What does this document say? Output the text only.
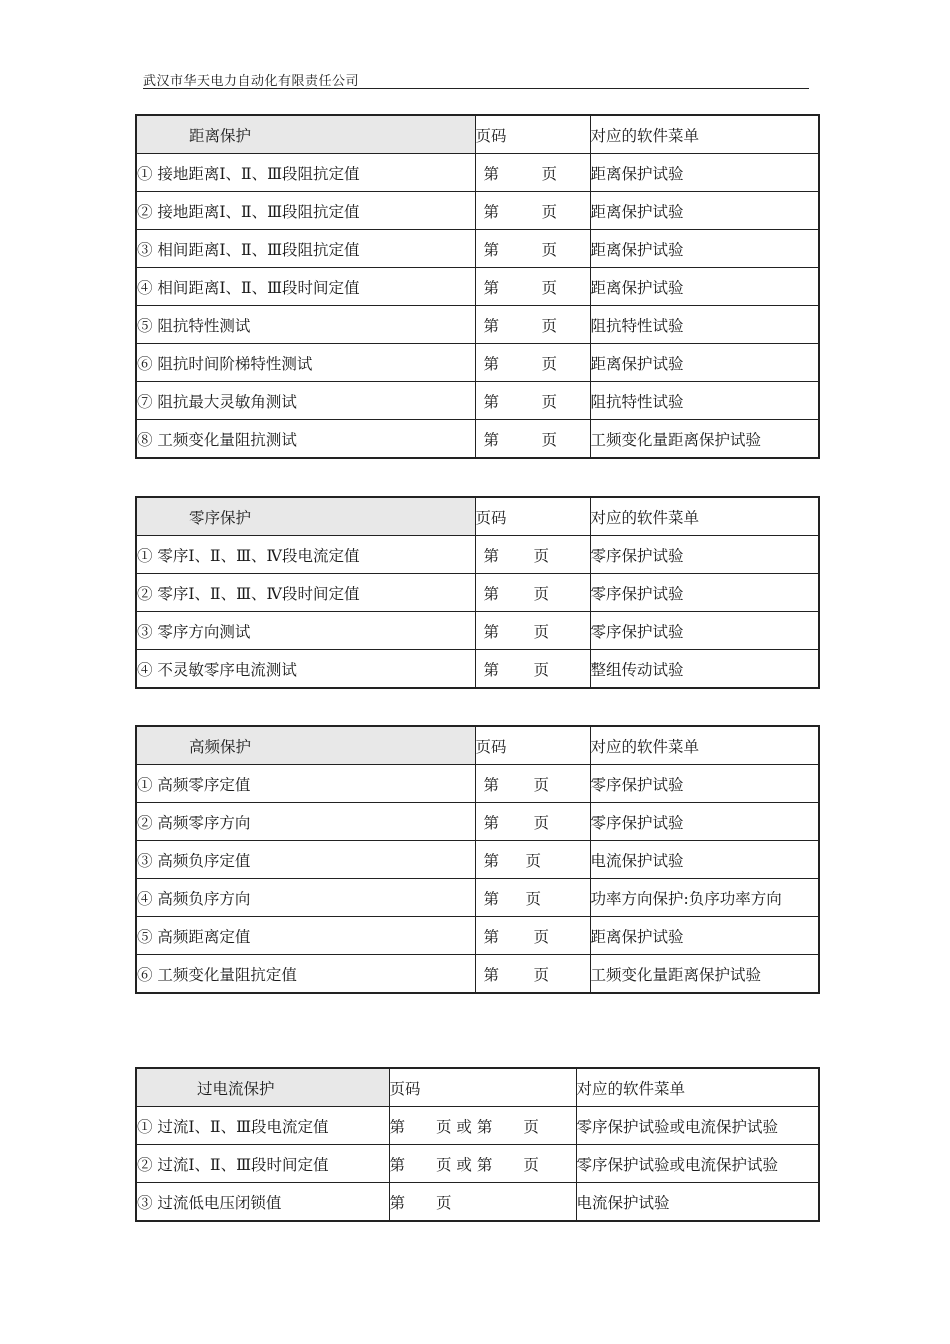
武汉市华天电力自动化有限责任公司
距离保护	页码	对应的软件菜单
① 接地距离Ⅰ、Ⅱ、Ⅲ段阻抗定值	第 页	距离保护试验
② 接地距离Ⅰ、Ⅱ、Ⅲ段阻抗定值	第 页	距离保护试验
③ 相间距离Ⅰ、Ⅱ、Ⅲ段阻抗定值	第 页	距离保护试验
④ 相间距离Ⅰ、Ⅱ、Ⅲ段时间定值	第 页	距离保护试验
⑤ 阻抗特性测试	第 页	阻抗特性试验
⑥ 阻抗时间阶梯特性测试	第 页	距离保护试验
⑦ 阻抗最大灵敏角测试	第 页	阻抗特性试验
⑧ 工频变化量阻抗测试	第 页	工频变化量距离保护试验
零序保护	页码	对应的软件菜单
① 零序Ⅰ、Ⅱ、Ⅲ、Ⅳ段电流定值	第 页	零序保护试验
② 零序Ⅰ、Ⅱ、Ⅲ、Ⅳ段时间定值	第 页	零序保护试验
③ 零序方向测试	第 页	零序保护试验
④ 不灵敏零序电流测试	第 页	整组传动试验
高频保护	页码	对应的软件菜单
① 高频零序定值	第 页	零序保护试验
② 高频零序方向	第 页	零序保护试验
③ 高频负序定值	第 页	电流保护试验
④ 高频负序方向	第 页	功率方向保护:负序功率方向
⑤ 高频距离定值	第 页	距离保护试验
⑥ 工频变化量阻抗定值	第 页	工频变化量距离保护试验
过电流保护	页码	对应的软件菜单
① 过流Ⅰ、Ⅱ、Ⅲ段电流定值	第　　页 或 第　　页	零序保护试验或电流保护试验
② 过流Ⅰ、Ⅱ、Ⅲ段时间定值	第　　页 或 第　　页	零序保护试验或电流保护试验
③ 过流低电压闭锁值	第　　页	电流保护试验
